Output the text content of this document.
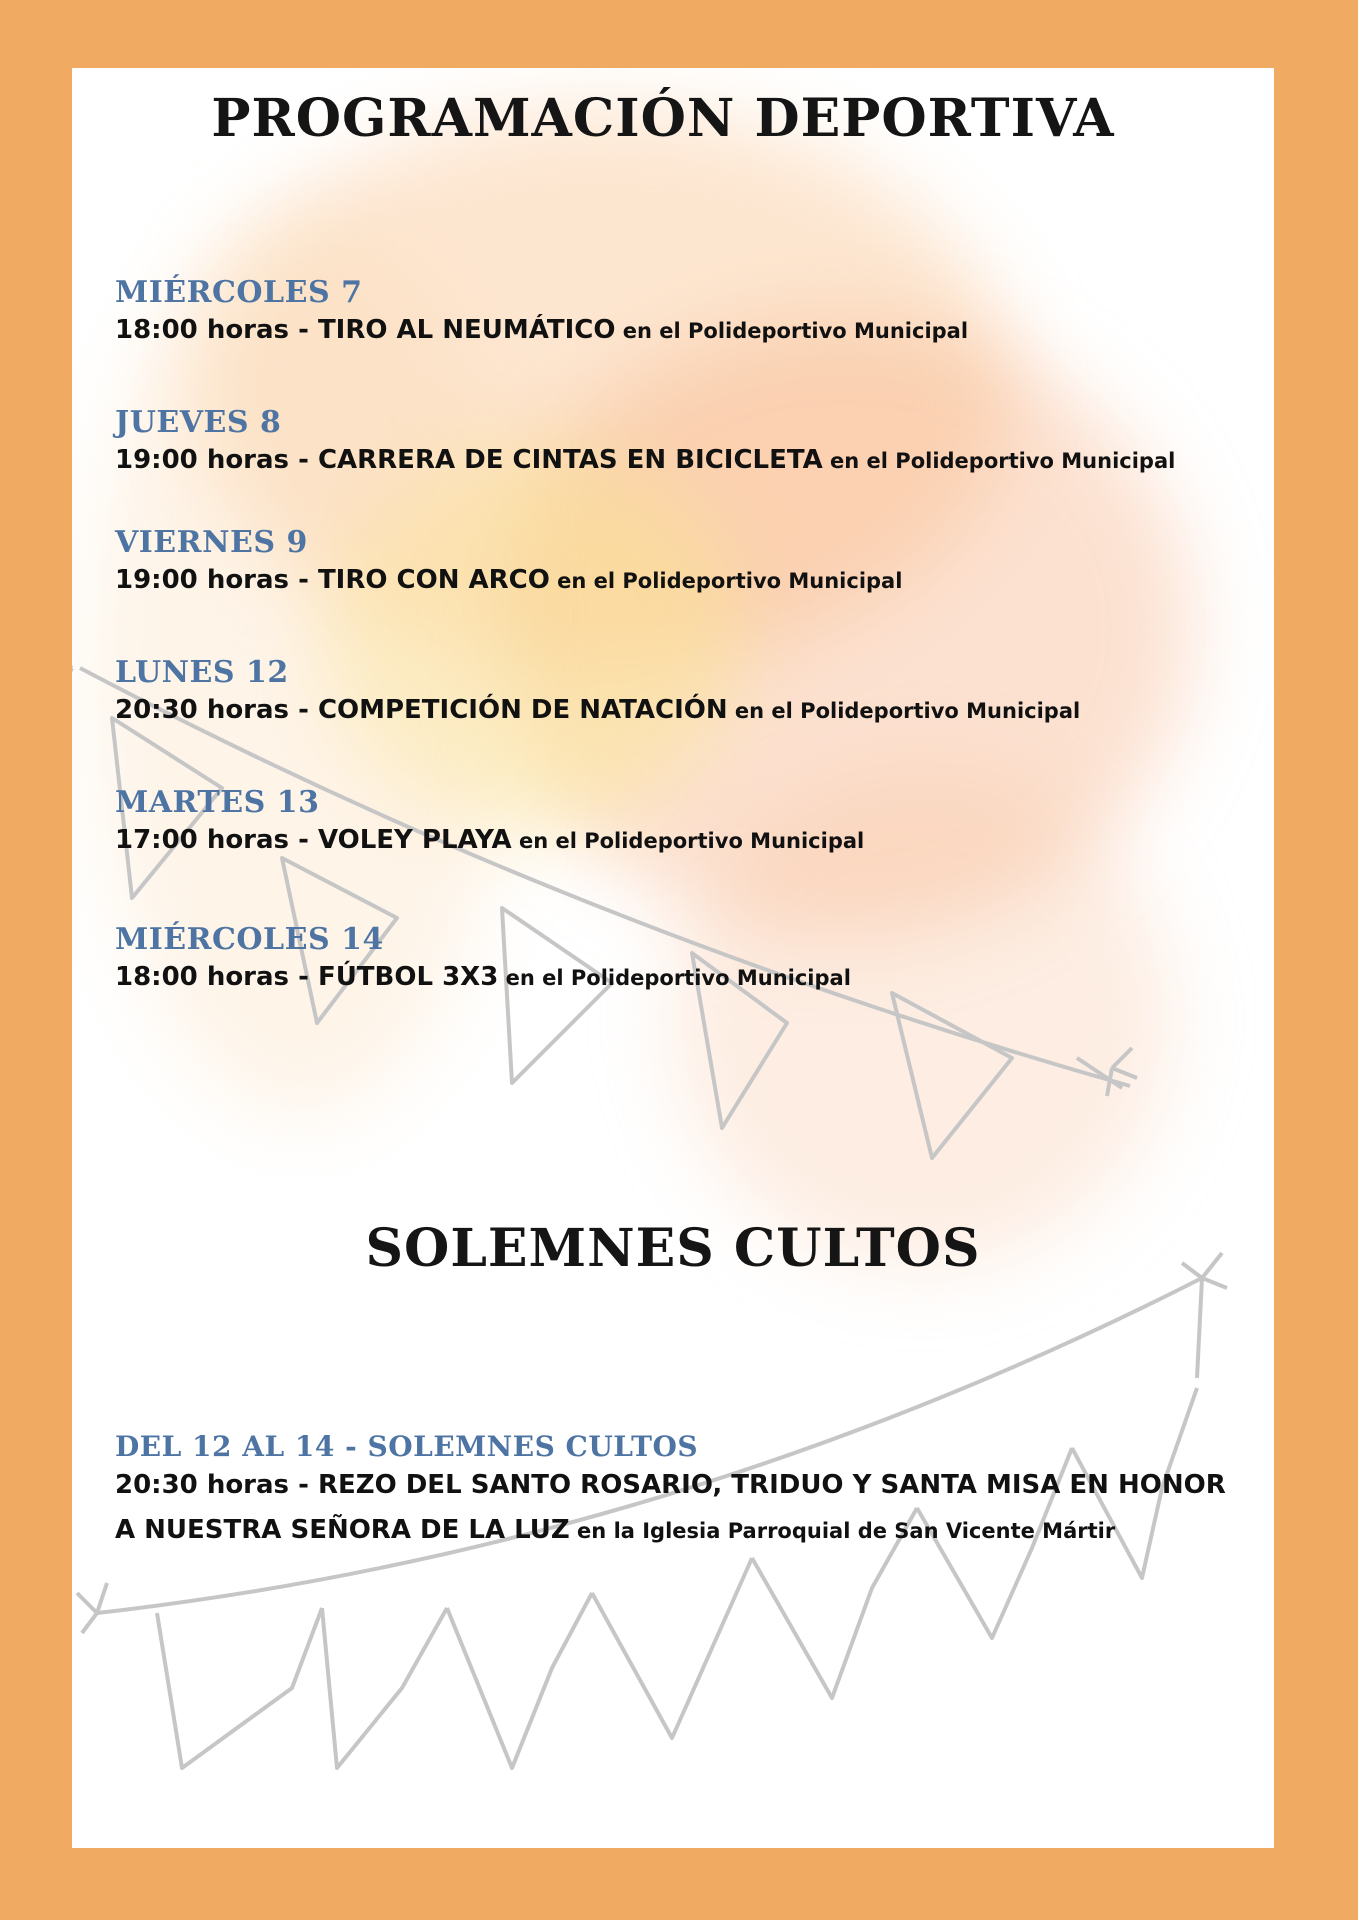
PROGRAMACIÓN DEPORTIVA
MIÉRCOLES 7
18:00 horas - TIRO AL NEUMÁTICO en el Polideportivo Municipal
JUEVES 8
19:00 horas - CARRERA DE CINTAS EN BICICLETA en el Polideportivo Municipal
VIERNES 9
19:00 horas - TIRO CON ARCO en el Polideportivo Municipal
LUNES 12
20:30 horas - COMPETICIÓN DE NATACIÓN en el Polideportivo Municipal
MARTES 13
17:00 horas - VOLEY PLAYA en el Polideportivo Municipal
MIÉRCOLES 14
18:00 horas - FÚTBOL 3X3 en el Polideportivo Municipal
SOLEMNES CULTOS
DEL 12 AL 14 - SOLEMNES CULTOS
20:30 horas - REZO DEL SANTO ROSARIO, TRIDUO Y SANTA MISA EN HONOR A NUESTRA SEÑORA DE LA LUZ en la Iglesia Parroquial de San Vicente Mártir
